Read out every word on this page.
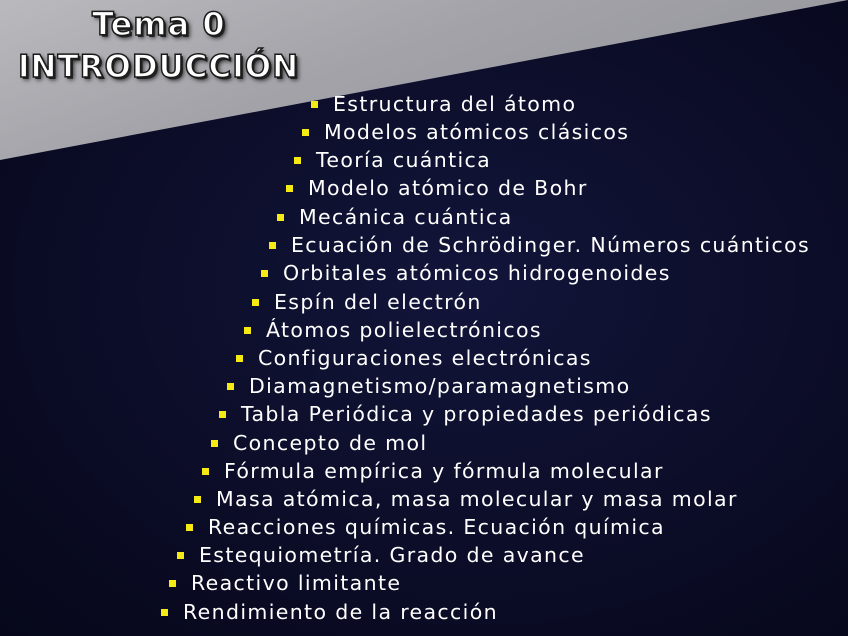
Tema 0
INTRODUCCIÓN
Estructura del átomo
Modelos atómicos clásicos
Teoría cuántica
Modelo atómico de Bohr
Mecánica cuántica
Ecuación de Schrödinger. Números cuánticos
Orbitales atómicos hidrogenoides
Espín del electrón
Átomos polielectrónicos
Configuraciones electrónicas
Diamagnetismo/paramagnetismo
Tabla Periódica y propiedades periódicas
Concepto de mol
Fórmula empírica y fórmula molecular
Masa atómica, masa molecular y masa molar
Reacciones químicas. Ecuación química
Estequiometría. Grado de avance
Reactivo limitante
Rendimiento de la reacción
